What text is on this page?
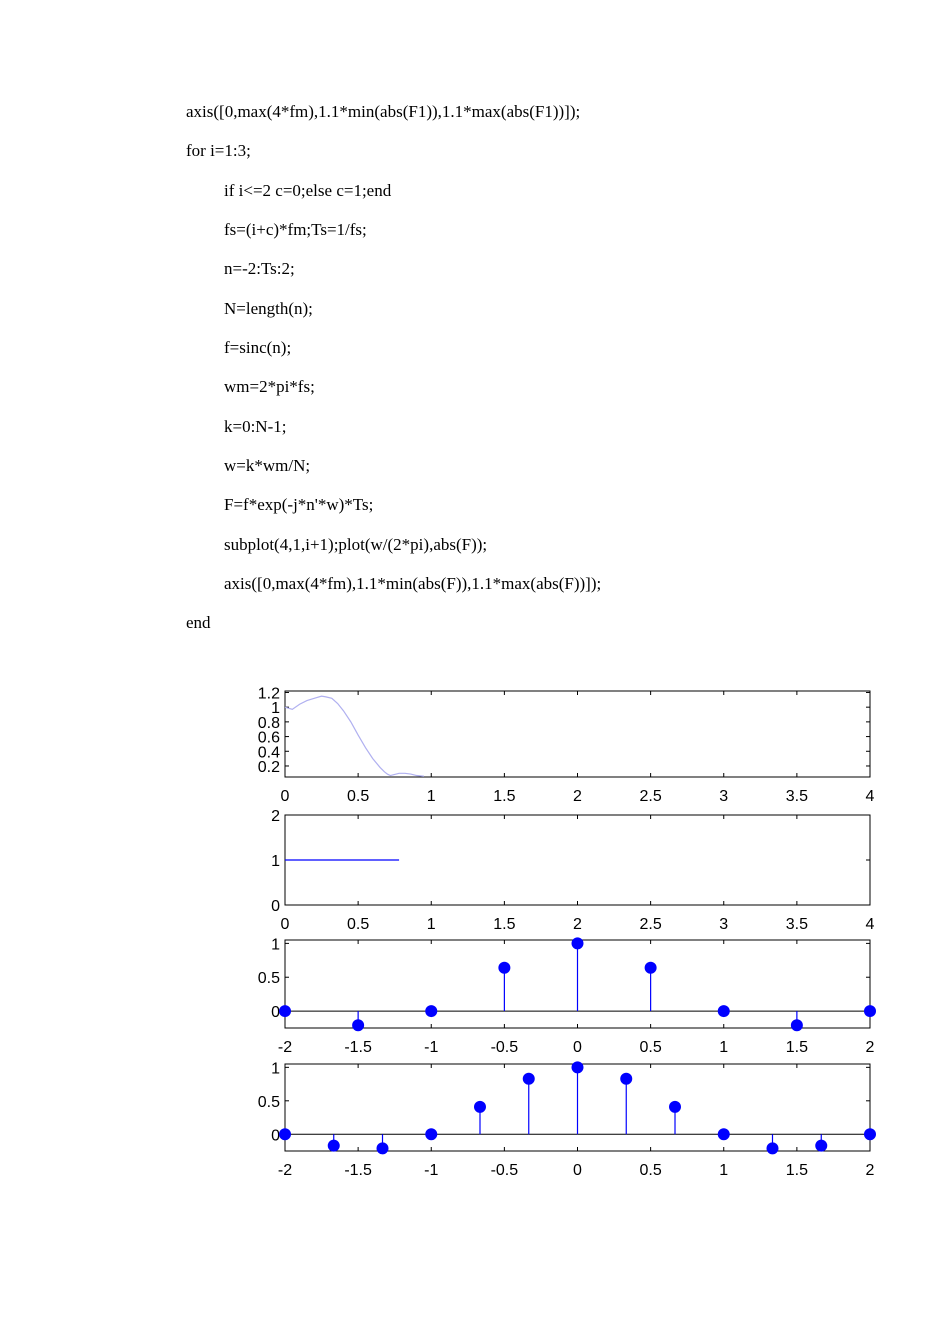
axis([0,max(4*fm),1.1*min(abs(F1)),1.1*max(abs(F1))]);
for i=1:3;
if i<=2 c=0;else c=1;end
fs=(i+c)*fm;Ts=1/fs;
n=-2:Ts:2;
N=length(n);
f=sinc(n);
wm=2*pi*fs;
k=0:N-1;
w=k*wm/N;
F=f*exp(-j*n'*w)*Ts;
subplot(4,1,i+1);plot(w/(2*pi),abs(F));
axis([0,max(4*fm),1.1*min(abs(F)),1.1*max(abs(F))]);
end
0	0.5	1	1.5	2	2.5	3	3.5	4
0.2
0.4
0.6
0.8
1
1.2
0	0.5	1	1.5	2	2.5	3	3.5	4
0
1
2
-2	-1.5	-1	-0.5	0	0.5	1	1.5	2
0
0.5
1
-2	-1.5	-1	-0.5	0	0.5	1	1.5	2
0
0.5
1
